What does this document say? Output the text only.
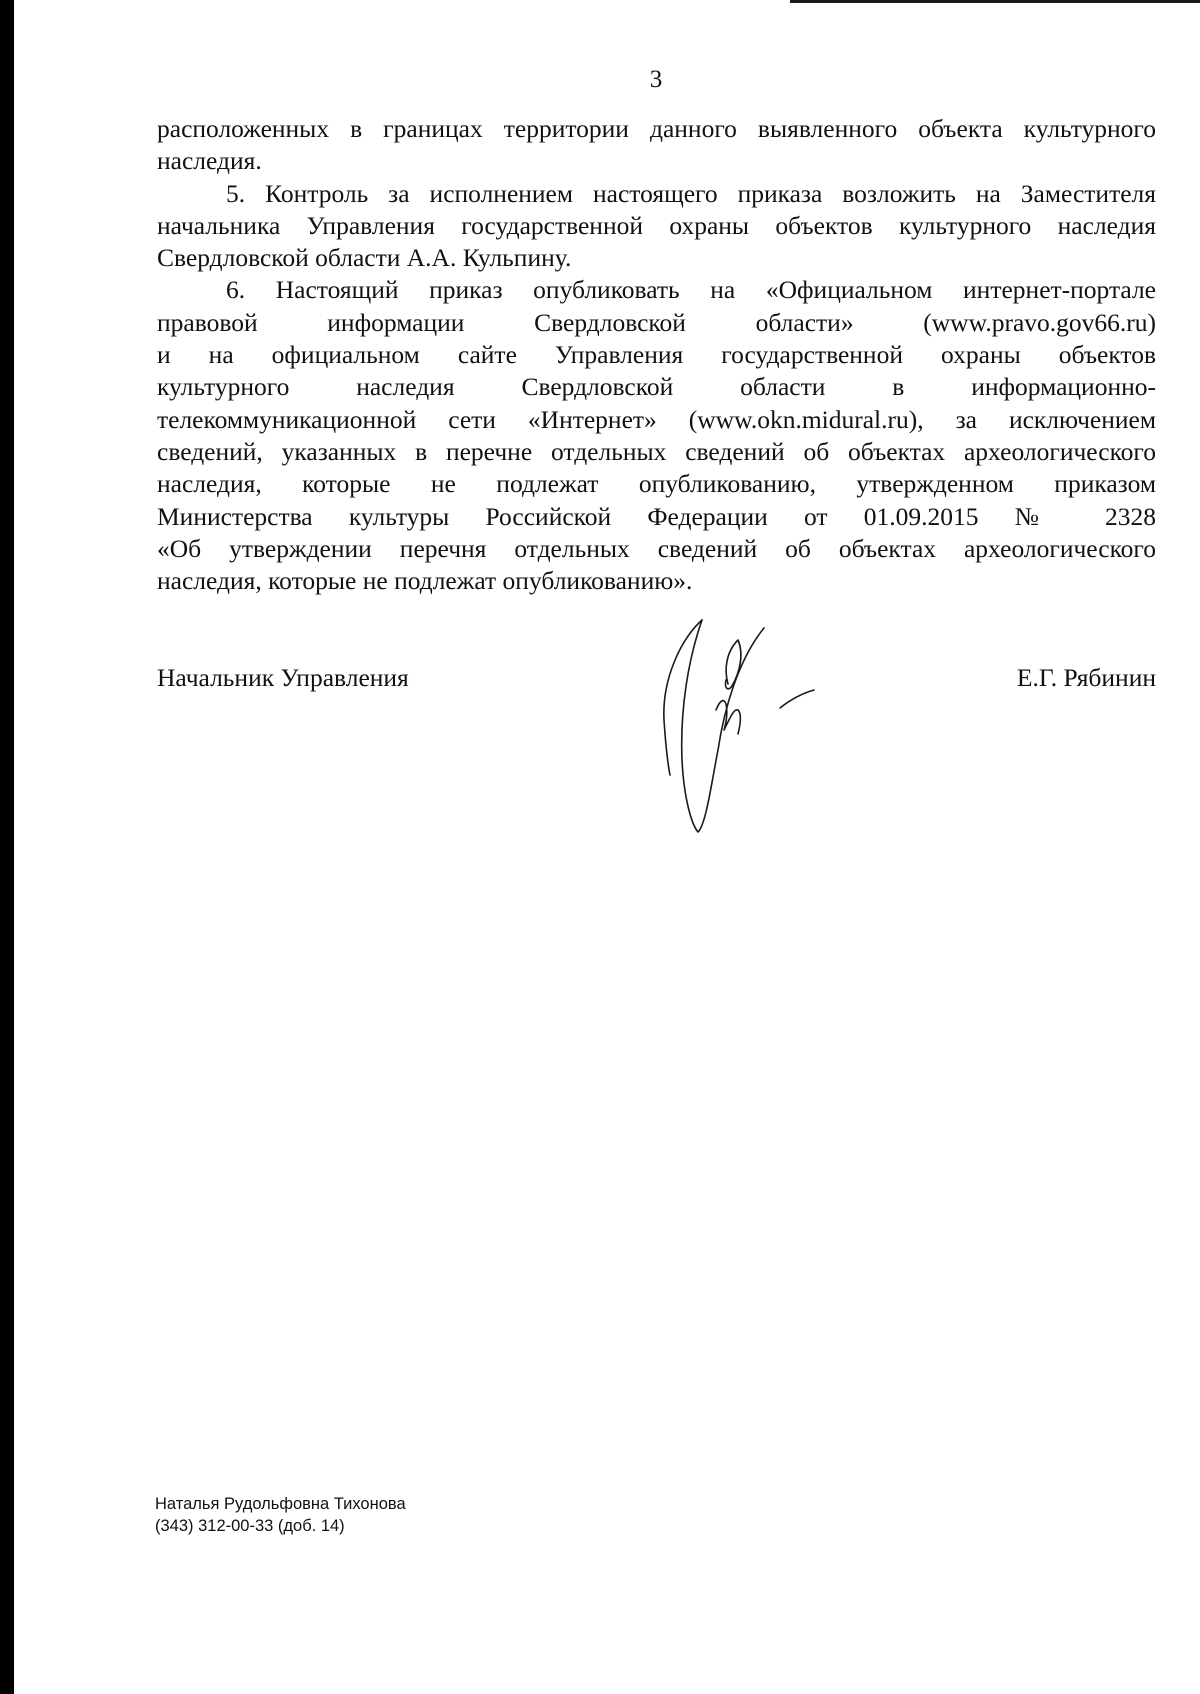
3

расположенных в границах территории данного выявленного объекта культурного

наследия.

5. Контроль за исполнением настоящего приказа возложить на Заместителя

начальника Управления государственной охраны объектов культурного наследия

Свердловской области А.А. Кульпину.

6. Настоящий приказ опубликовать на «Официальном интернет-портале

правовой информации Свердловской области» (www.pravo.gov66.ru)

и на официальном сайте Управления государственной охраны объектов

культурного наследия Свердловской области в информационно-

телекоммуникационной сети «Интернет» (www.okn.midural.ru), за исключением

сведений, указанных в перечне отдельных сведений об объектах археологического

наследия, которые не подлежат опубликованию, утвержденном приказом

Министерства культуры Российской Федерации от 01.09.2015 № 2328

«Об утверждении перечня отдельных сведений об объектах археологического

наследия, которые не подлежат опубликованию».

Начальник Управления	Е.Г. Рябинин
Наталья Рудольфовна Тихонова
(343) 312-00-33 (доб. 14)
